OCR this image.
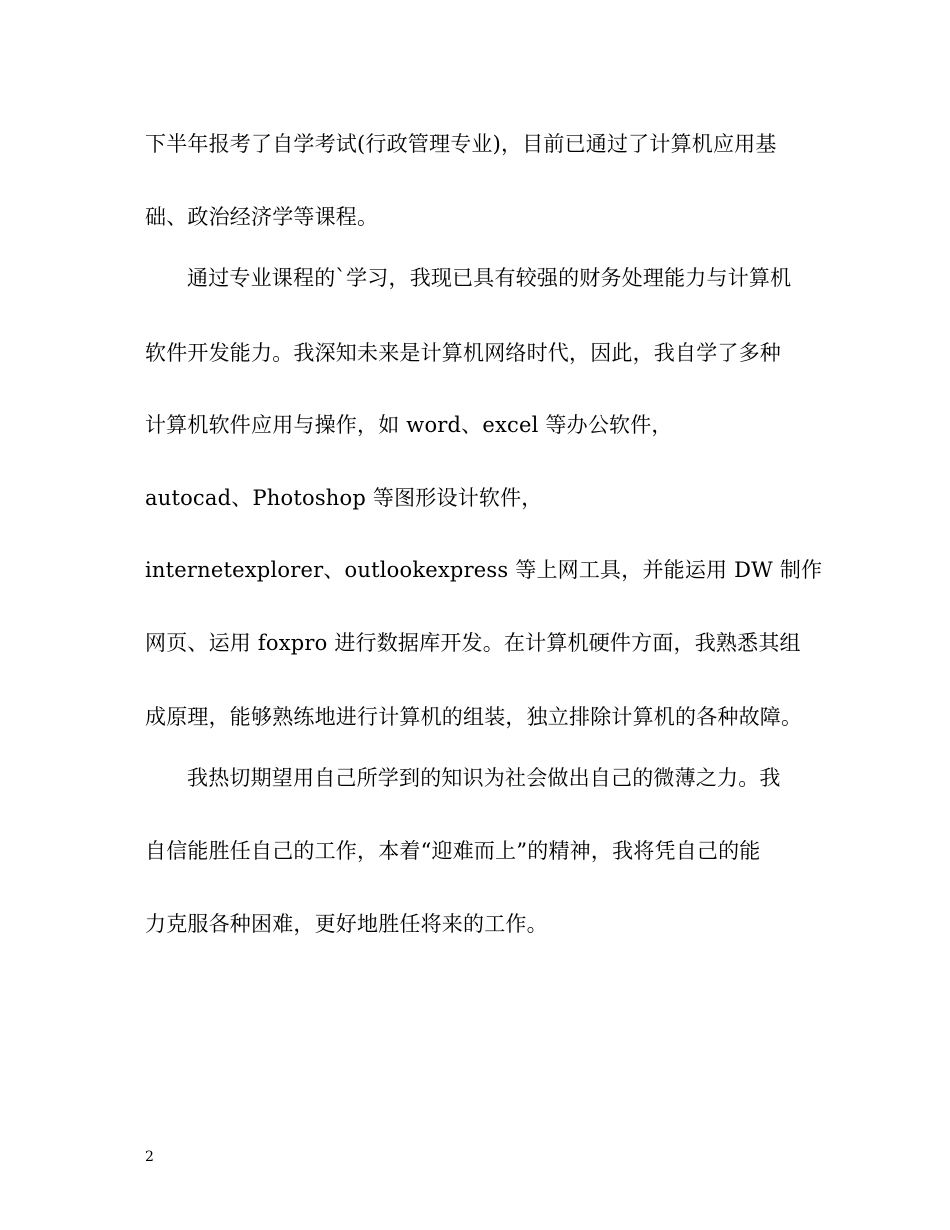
下半年报考了自学考试(行政管理专业)，目前已通过了计算机应用基
础、政治经济学等课程。
通过专业课程的`学习，我现已具有较强的财务处理能力与计算机
软件开发能力。我深知未来是计算机网络时代，因此，我自学了多种
计算机软件应用与操作，如 word、excel 等办公软件，
autocad、Photoshop 等图形设计软件，
internetexplorer、outlookexpress 等上网工具，并能运用 DW 制作
网页、运用 foxpro 进行数据库开发。在计算机硬件方面，我熟悉其组
成原理，能够熟练地进行计算机的组装，独立排除计算机的各种故障。
我热切期望用自己所学到的知识为社会做出自己的微薄之力。我
自信能胜任自己的工作，本着“迎难而上”的精神，我将凭自己的能
力克服各种困难，更好地胜任将来的工作。
2
